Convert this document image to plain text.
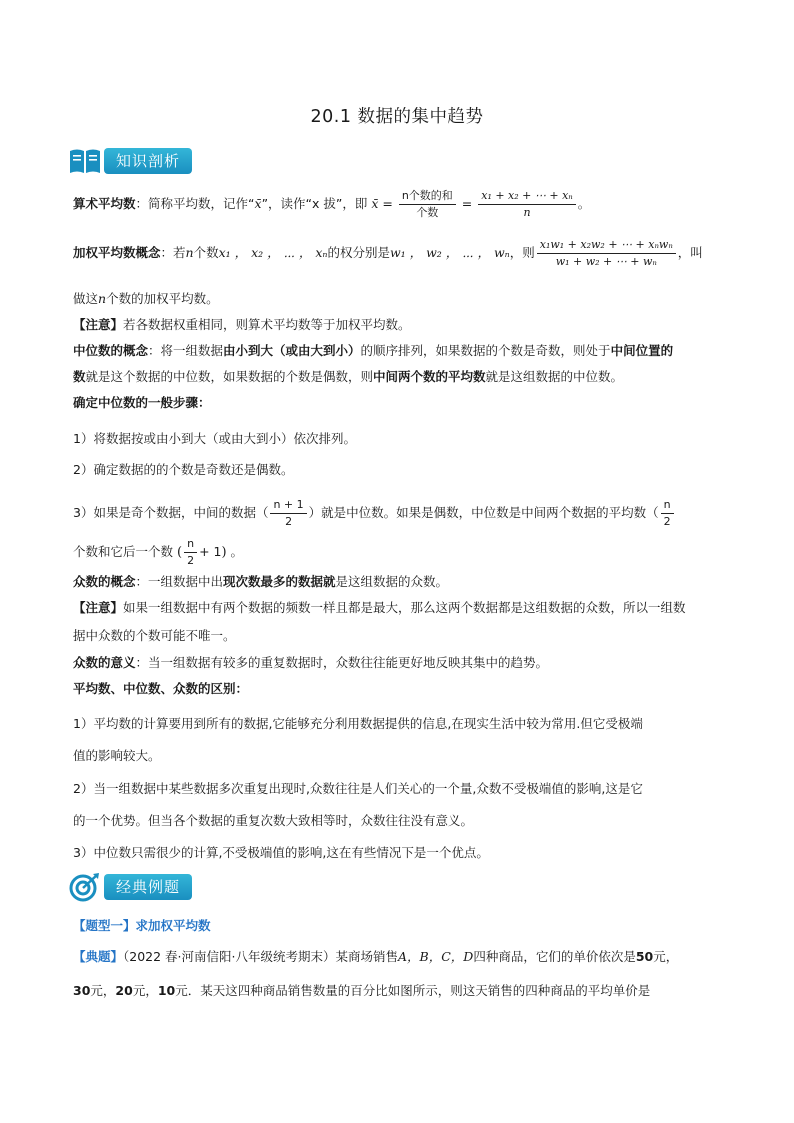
20.1 数据的集中趋势
知识剖析
算术平均数：简称平均数，记作“x̄”，读作“x 拔”，即 x̄ = $\frac{\text{n个数的和}}{\text{个数}} = \frac{\text{x₁ + x₂ + ⋯ + xₙ}}{n}$ 。
加权平均数概念：若n个数x₁ ， x₂ ， ⋯ ， xₙ的权分别是w₁ ， w₂ ， ⋯ ， wₙ，则 $\frac{\text{x₁w₁ + x₂w₂ + ⋯ + xₙwₙ}}{\text{w₁ + w₂ + ⋯ + wₙ}}$ ，叫
做这n个数的加权平均数。
【注意】若各数据权重相同，则算术平均数等于加权平均数。
中位数的概念：将一组数据由小到大（或由大到小）的顺序排列，如果数据的个数是奇数，则处于中间位置的
数就是这个数据的中位数，如果数据的个数是偶数，则中间两个数的平均数就是这组数据的中位数。
确定中位数的一般步骤：
1）将数据按或由小到大（或由大到小）依次排列。
2）确定数据的的个数是奇数还是偶数。
3）如果是奇个数据，中间的数据（ $\frac{n + 1}{2}$ ）就是中位数。如果是偶数，中位数是中间两个数据的平均数（ $\frac{n}{2}$
个数和它后一个数 ( $\frac{n}{2} + 1$) 。
众数的概念：一组数据中出现次数最多的数据就是这组数据的众数。
【注意】如果一组数据中有两个数据的频数一样且都是最大，那么这两个数据都是这组数据的众数，所以一组数
据中众数的个数可能不唯一。
众数的意义：当一组数据有较多的重复数据时，众数往往能更好地反映其集中的趋势。
平均数、中位数、众数的区别：
1）平均数的计算要用到所有的数据,它能够充分利用数据提供的信息,在现实生活中较为常用.但它受极端
值的影响较大。
2）当一组数据中某些数据多次重复出现时,众数往往是人们关心的一个量,众数不受极端值的影响,这是它
的一个优势。但当各个数据的重复次数大致相等时，众数往往没有意义。
3）中位数只需很少的计算,不受极端值的影响,这在有些情况下是一个优点。
经典例题
【题型一】求加权平均数
【典题】（2022 春·河南信阳·八年级统考期末）某商场销售A，B，C，D四种商品，它们的单价依次是50元，
30元，20元，10元．某天这四种商品销售数量的百分比如图所示，则这天销售的四种商品的平均单价是
